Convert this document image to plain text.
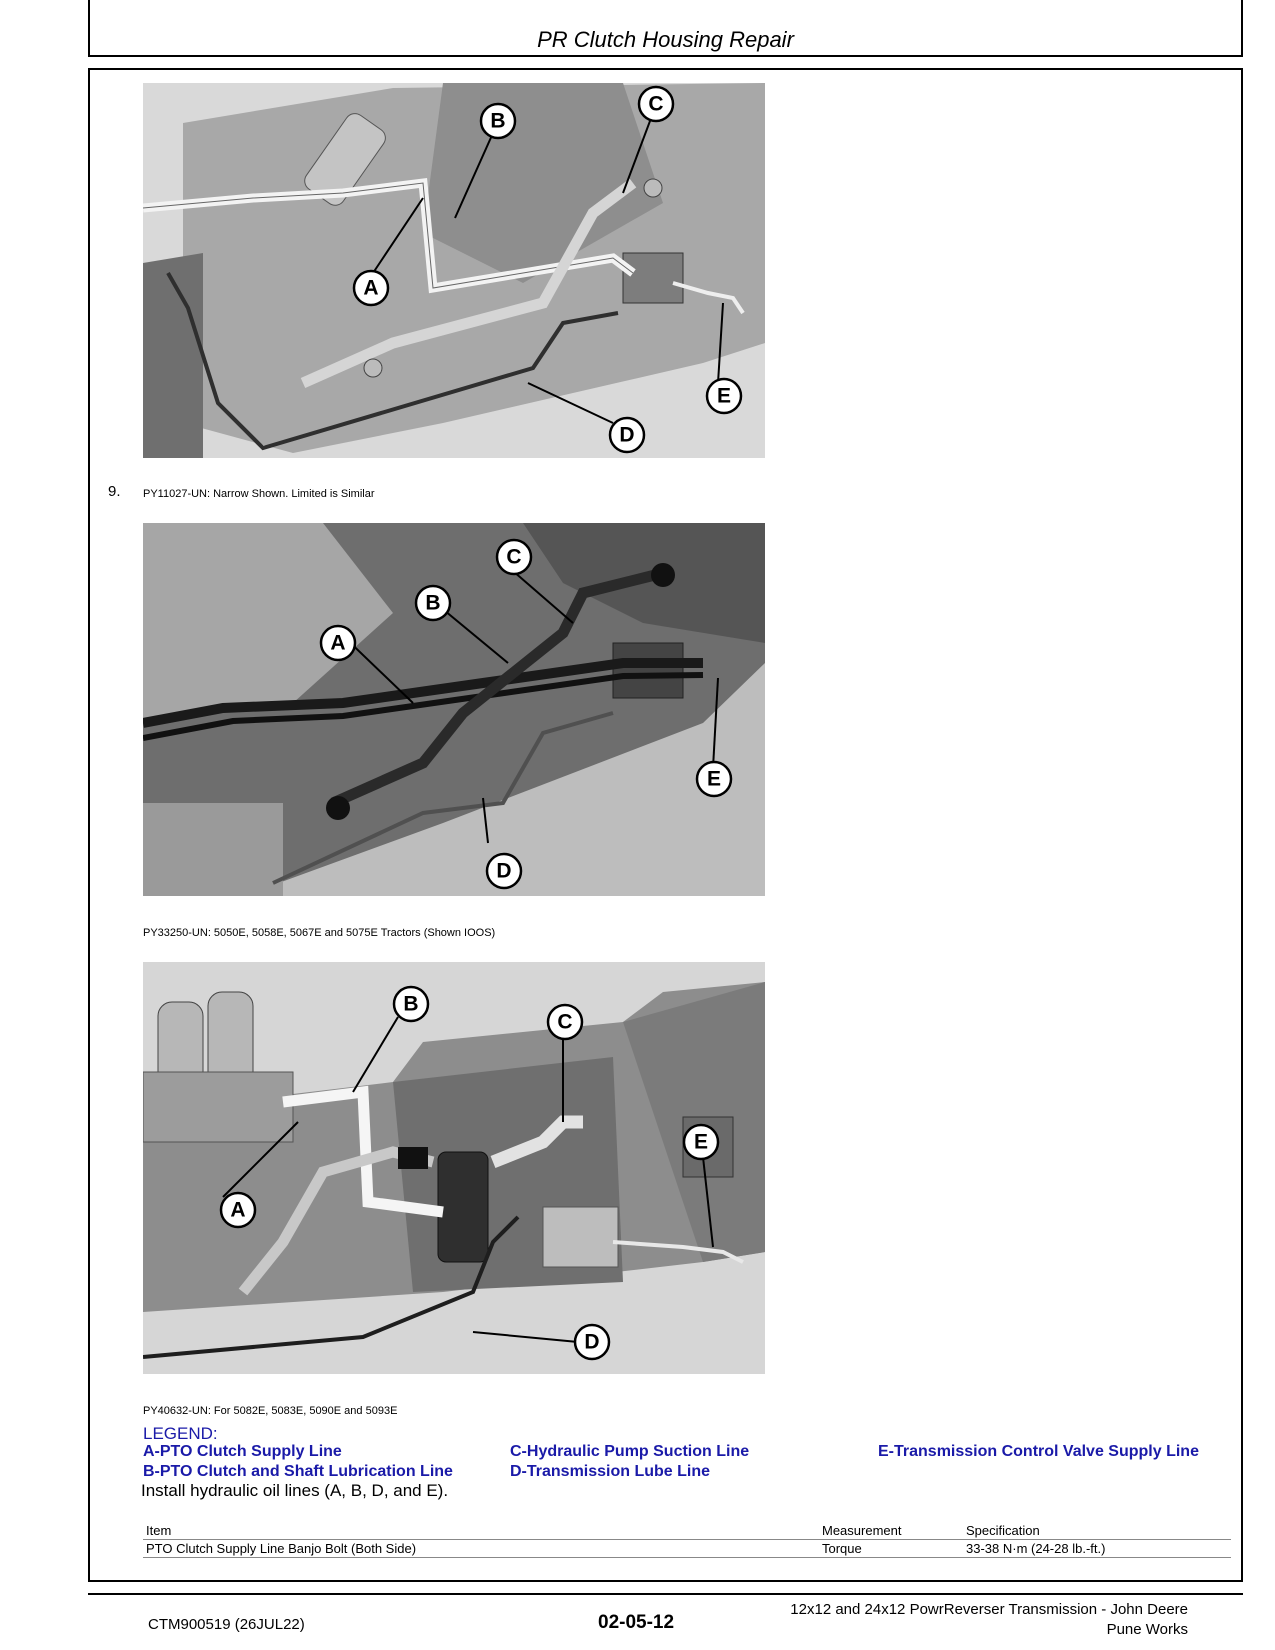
PR Clutch Housing Repair
A
B
C
D
E
9. PY11027-UN: Narrow Shown. Limited is Similar
A
B
C
D
E
PY33250-UN: 5050E, 5058E, 5067E and 5075E Tractors (Shown IOOS)
A
B
C
D
E
PY40632-UN: For 5082E, 5083E, 5090E and 5093E
LEGEND:
A-PTO Clutch Supply Line
B-PTO Clutch and Shaft Lubrication Line
C-Hydraulic Pump Suction Line
D-Transmission Lube Line
E-Transmission Control Valve Supply Line
Install hydraulic oil lines (A, B, D, and E).
Item	Measurement	Specification
PTO Clutch Supply Line Banjo Bolt (Both Side)	Torque	33-38 N·m (24-28 lb.-ft.)
CTM900519 (26JUL22)	02-05-12
12x12 and 24x12 PowrReverser Transmission - John Deere
Pune Works
